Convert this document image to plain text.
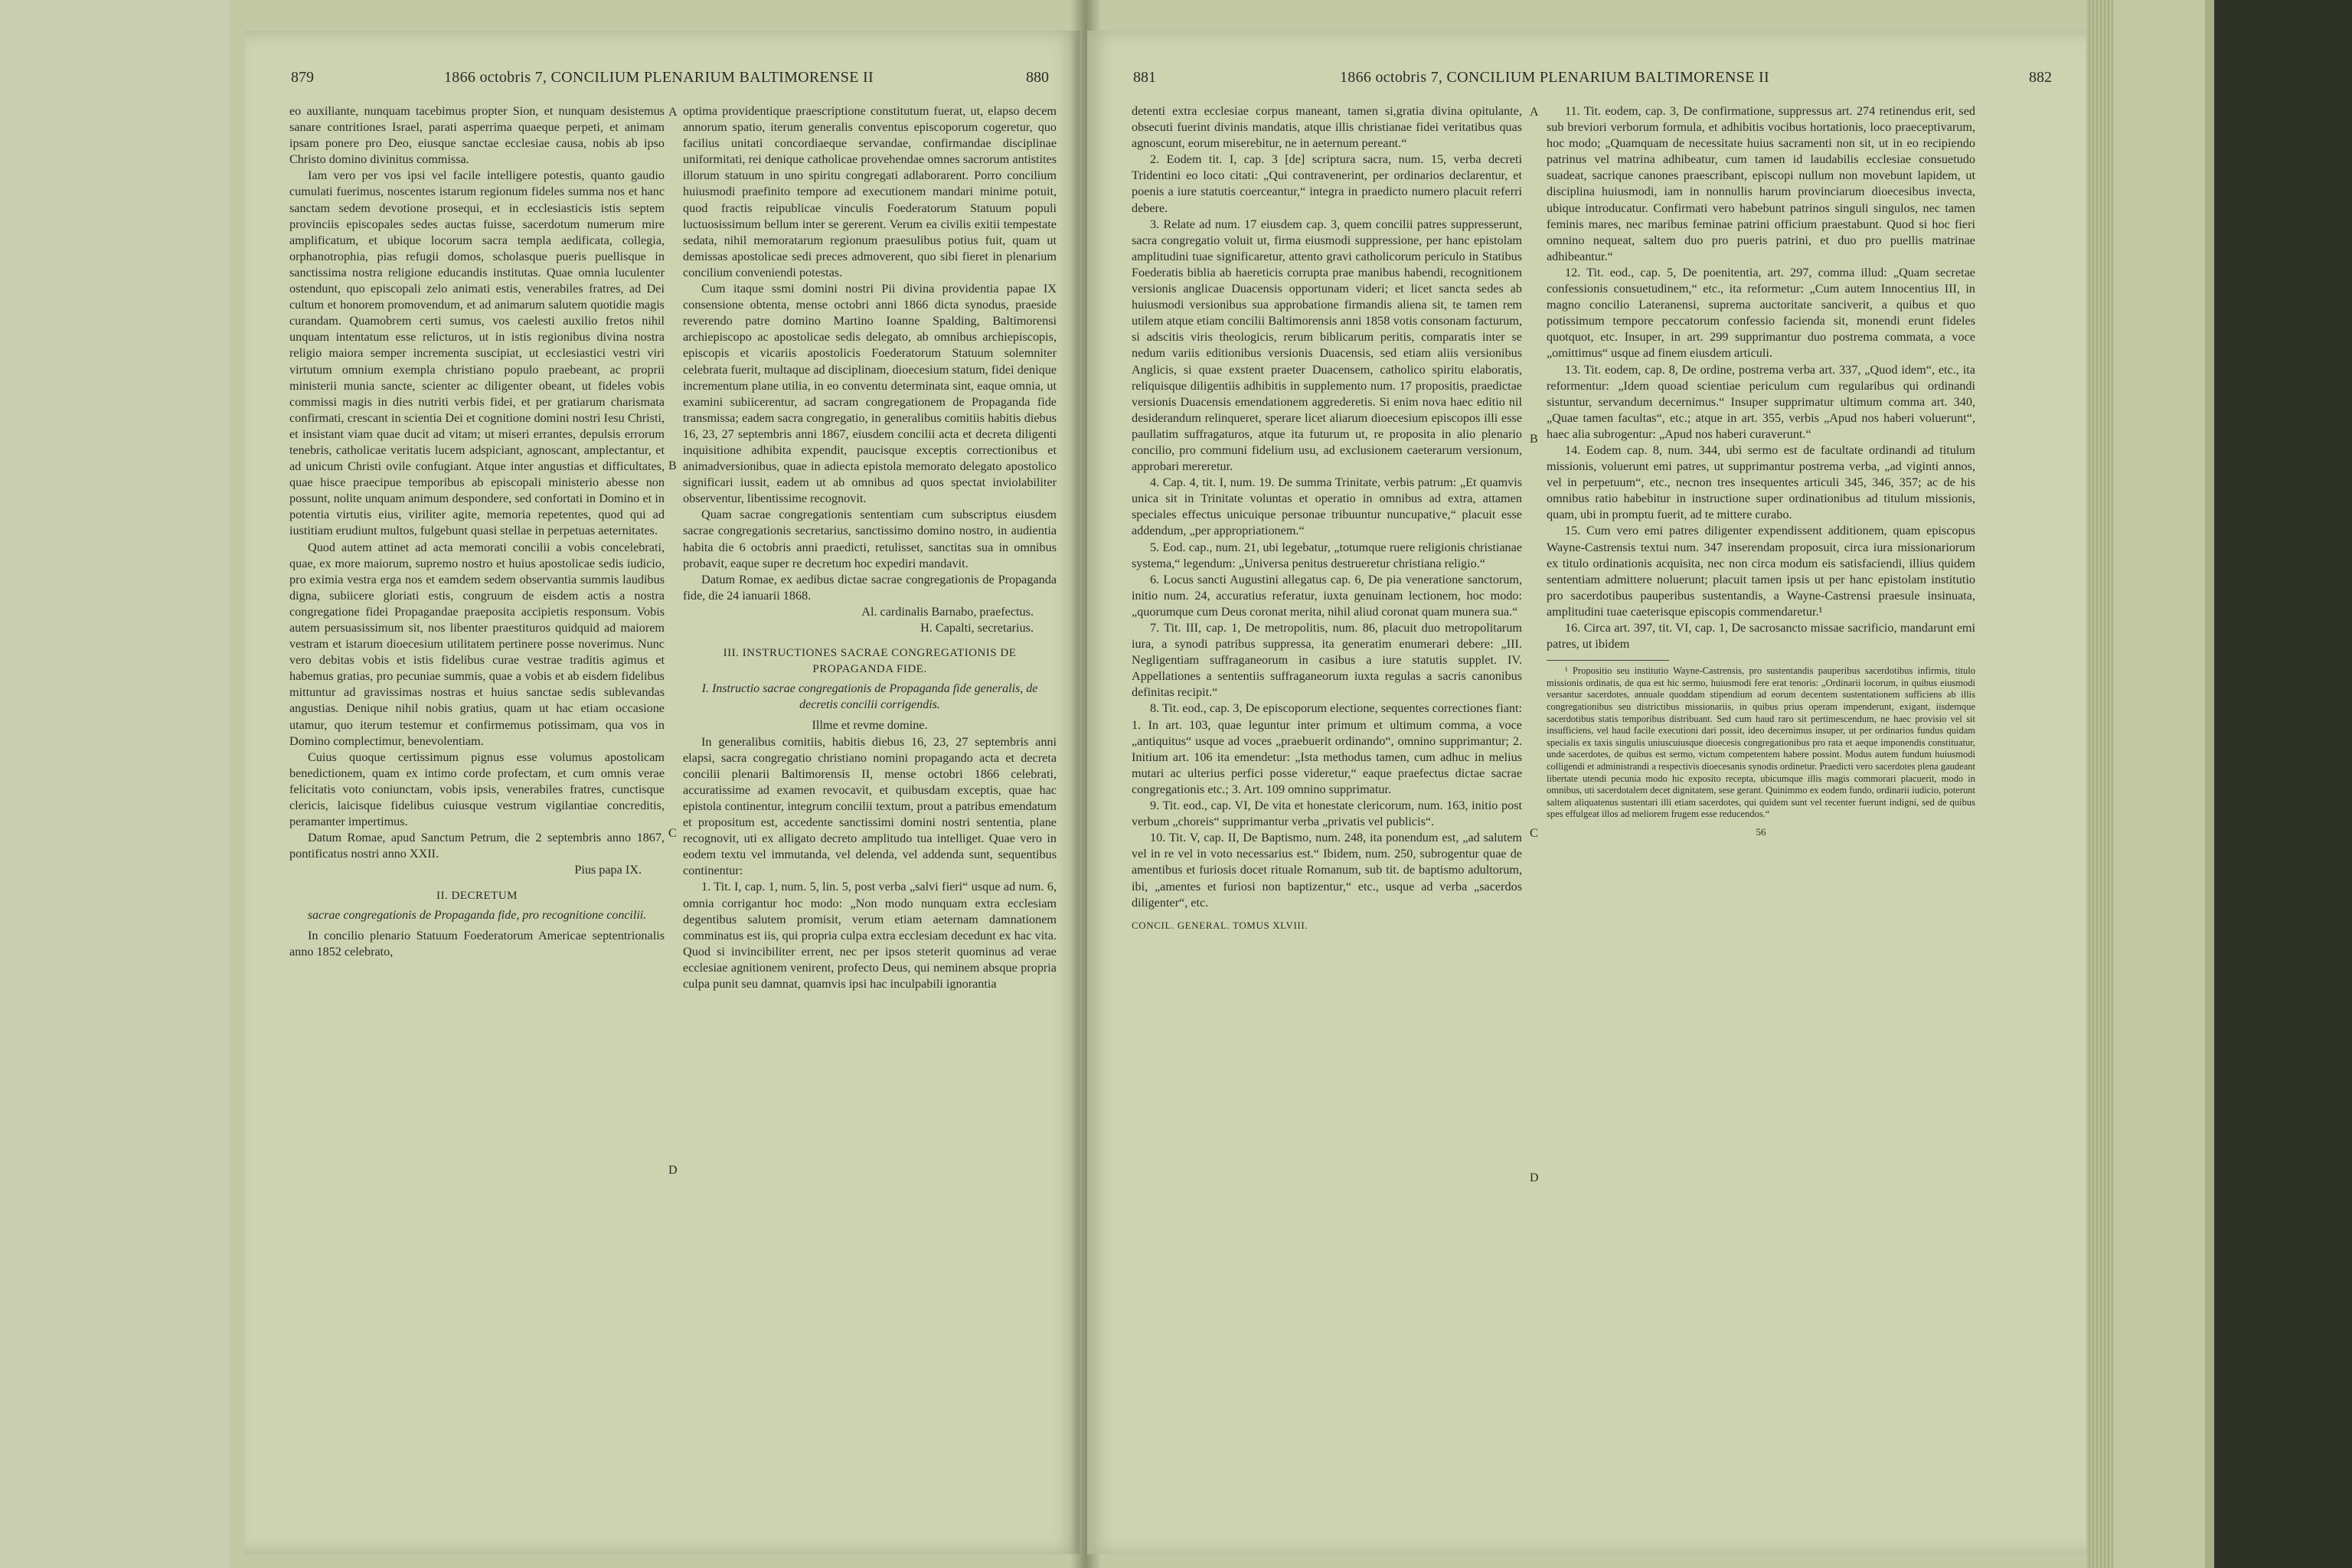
879	1866 octobris 7, CONCILIUM PLENARIUM BALTIMORENSE II	880

eo auxiliante, nunquam tacebimus propter Sion, et nunquam desistemus sanare contritiones Israel, parati asperrima quaeque perpeti, et animam ipsam ponere pro Deo, eiusque sanctae ecclesiae causa, nobis ab ipso Christo domino divinitus commissa.

Iam vero per vos ipsi vel facile intelligere potestis, quanto gaudio cumulati fuerimus, noscentes istarum regionum fideles summa nos et hanc sanctam sedem devotione prosequi, et in ecclesiasticis istis septem provinciis episcopales sedes auctas fuisse, sacerdotum numerum mire amplificatum, et ubique locorum sacra templa aedificata, collegia, orphanotrophia, pias refugii domos, scholasque pueris puellisque in sanctissima nostra religione educandis institutas. Quae omnia luculenter ostendunt, quo episcopali zelo animati estis, venerabiles fratres, ad Dei cultum et honorem promovendum, et ad animarum salutem quotidie magis curandam. Quamobrem certi sumus, vos caelesti auxilio fretos nihil unquam intentatum esse relicturos, ut in istis regionibus divina nostra religio maiora semper incrementa suscipiat, ut ecclesiastici vestri viri virtutum omnium exempla christiano populo praebeant, ac proprii ministerii munia sancte, scienter ac diligenter obeant, ut fideles vobis commissi magis in dies nutriti verbis fidei, et per gratiarum charismata confirmati, crescant in scientia Dei et cognitione domini nostri Iesu Christi, et insistant viam quae ducit ad vitam; ut miseri errantes, depulsis errorum tenebris, catholicae veritatis lucem adspiciant, agnoscant, amplectantur, et ad unicum Christi ovile confugiant. Atque inter angustias et difficultates, quae hisce praecipue temporibus ab episcopali ministerio abesse non possunt, nolite unquam animum despondere, sed confortati in Domino et in potentia virtutis eius, viriliter agite, memoria repetentes, quod qui ad iustitiam erudiunt multos, fulgebunt quasi stellae in perpetuas aeternitates.

Quod autem attinet ad acta memorati concilii a vobis concelebrati, quae, ex more maiorum, supremo nostro et huius apostolicae sedis iudicio, pro eximia vestra erga nos et eamdem sedem observantia summis laudibus digna, subiicere gloriati estis, congruum de eisdem actis a nostra congregatione fidei Propagandae praeposita accipietis responsum. Vobis autem persuasissimum sit, nos libenter praestituros quidquid ad maiorem vestram et istarum dioecesium utilitatem pertinere posse noverimus. Nunc vero debitas vobis et istis fidelibus curae vestrae traditis agimus et habemus gratias, pro pecuniae summis, quae a vobis et ab eisdem fidelibus mittuntur ad gravissimas nostras et huius sanctae sedis sublevandas angustias. Denique nihil nobis gratius, quam ut hac etiam occasione utamur, quo iterum testemur et confirmemus potissimam, qua vos in Domino complectimur, benevolentiam.

Cuius quoque certissimum pignus esse volumus apostolicam benedictionem, quam ex intimo corde profectam, et cum omnis verae felicitatis voto coniunctam, vobis ipsis, venerabiles fratres, cunctisque clericis, laicisque fidelibus cuiusque vestrum vigilantiae concreditis, peramanter impertimus.

Datum Romae, apud Sanctum Petrum, die 2 septembris anno 1867, pontificatus nostri anno XXII.

Pius papa IX.

II. DECRETUM
sacrae congregationis de Propaganda fide, pro recognitione concilii.

In concilio plenario Statuum Foederatorum Americae septentrionalis anno 1852 celebrato,

optima providentique praescriptione constitutum fuerat, ut, elapso decem annorum spatio, iterum generalis conventus episcoporum cogeretur, quo facilius unitati concordiaeque servandae, confirmandae disciplinae uniformitati, rei denique catholicae provehendae omnes sacrorum antistites illorum statuum in uno spiritu congregati adlaborarent. Porro concilium huiusmodi praefinito tempore ad executionem mandari minime potuit, quod fractis reipublicae vinculis Foederatorum Statuum populi luctuosissimum bellum inter se gererent. Verum ea civilis exitii tempestate sedata, nihil memoratarum regionum praesulibus potius fuit, quam ut demissas apostolicae sedi preces admoverent, quo sibi fieret in plenarium concilium conveniendi potestas.

Cum itaque ssmi domini nostri Pii divina providentia papae IX consensione obtenta, mense octobri anni 1866 dicta synodus, praeside reverendo patre domino Martino Ioanne Spalding, Baltimorensi archiepiscopo ac apostolicae sedis delegato, ab omnibus archiepiscopis, episcopis et vicariis apostolicis Foederatorum Statuum solemniter celebrata fuerit, multaque ad disciplinam, dioecesium statum, fidei denique incrementum plane utilia, in eo conventu determinata sint, eaque omnia, ut examini subiicerentur, ad sacram congregationem de Propaganda fide transmissa; eadem sacra congregatio, in generalibus comitiis habitis diebus 16, 23, 27 septembris anni 1867, eiusdem concilii acta et decreta diligenti inquisitione adhibita expendit, paucisque exceptis correctionibus et animadversionibus, quae in adiecta epistola memorato delegato apostolico significari iussit, eadem ut ab omnibus ad quos spectat inviolabiliter observentur, libentissime recognovit.

Quam sacrae congregationis sententiam cum subscriptus eiusdem sacrae congregationis secretarius, sanctissimo domino nostro, in audientia habita die 6 octobris anni praedicti, retulisset, sanctitas sua in omnibus probavit, eaque super re decretum hoc expediri mandavit.

Datum Romae, ex aedibus dictae sacrae congregationis de Propaganda fide, die 24 ianuarii 1868.

Al. cardinalis Barnabo, praefectus.

H. Capalti, secretarius.

III. INSTRUCTIONES SACRAE CONGREGATIONIS DE PROPAGANDA FIDE.
I. Instructio sacrae congregationis de Propaganda fide generalis, de decretis concilii corrigendis.

Illme et revme domine.

In generalibus comitiis, habitis diebus 16, 23, 27 septembris anni elapsi, sacra congregatio christiano nomini propagando acta et decreta concilii plenarii Baltimorensis II, mense octobri 1866 celebrati, accuratissime ad examen revocavit, et quibusdam exceptis, quae hac epistola continentur, integrum concilii textum, prout a patribus emendatum et propositum est, accedente sanctissimi domini nostri sententia, plane recognovit, uti ex alligato decreto amplitudo tua intelliget. Quae vero in eodem textu vel immutanda, vel delenda, vel addenda sunt, sequentibus continentur:

1. Tit. I, cap. 1, num. 5, lin. 5, post verba „salvi fieri“ usque ad num. 6, omnia corrigantur hoc modo: „Non modo nunquam extra ecclesiam degentibus salutem promisit, verum etiam aeternam damnationem comminatus est iis, qui propria culpa extra ecclesiam decedunt ex hac vita. Quod si invincibiliter errent, nec per ipsos steterit quominus ad verae ecclesiae agnitionem venirent, profecto Deus, qui neminem absque propria culpa punit seu damnat, quamvis ipsi hac inculpabili ignorantia

A
B
C
D
881	1866 octobris 7, CONCILIUM PLENARIUM BALTIMORENSE II	882

detenti extra ecclesiae corpus maneant, tamen si,gratia divina opitulante, obsecuti fuerint divinis mandatis, atque illis christianae fidei veritatibus quas agnoscunt, eorum miserebitur, ne in aeternum pereant.“

2. Eodem tit. I, cap. 3 [de] scriptura sacra, num. 15, verba decreti Tridentini eo loco citati: „Qui contravenerint, per ordinarios declarentur, et poenis a iure statutis coerceantur,“ integra in praedicto numero placuit referri debere.

3. Relate ad num. 17 eiusdem cap. 3, quem concilii patres suppresserunt, sacra congregatio voluit ut, firma eiusmodi suppressione, per hanc epistolam amplitudini tuae significaretur, attento gravi catholicorum periculo in Statibus Foederatis biblia ab haereticis corrupta prae manibus habendi, recognitionem versionis anglicae Duacensis opportunam videri; et licet sancta sedes ab huiusmodi versionibus sua approbatione firmandis aliena sit, te tamen rem utilem atque etiam concilii Baltimorensis anni 1858 votis consonam facturum, si adscitis viris theologicis, rerum biblicarum peritis, comparatis inter se nedum variis editionibus versionis Duacensis, sed etiam aliis versionibus Anglicis, si quae exstent praeter Duacensem, catholico spiritu elaboratis, reliquisque diligentiis adhibitis in supplemento num. 17 propositis, praedictae versionis Duacensis emendationem aggrederetis. Si enim nova haec editio nil desiderandum relinqueret, sperare licet aliarum dioecesium episcopos illi esse paullatim suffragaturos, atque ita futurum ut, re proposita in alio plenario concilio, pro communi fidelium usu, ad exclusionem caeterarum versionum, approbari mereretur.

4. Cap. 4, tit. I, num. 19. De summa Trinitate, verbis patrum: „Et quamvis unica sit in Trinitate voluntas et operatio in omnibus ad extra, attamen speciales effectus unicuique personae tribuuntur nuncupative,“ placuit esse addendum, „per appropriationem.“

5. Eod. cap., num. 21, ubi legebatur, „totumque ruere religionis christianae systema,“ legendum: „Universa penitus destrueretur christiana religio.“

6. Locus sancti Augustini allegatus cap. 6, De pia veneratione sanctorum, initio num. 24, accuratius referatur, iuxta genuinam lectionem, hoc modo: „quorumque cum Deus coronat merita, nihil aliud coronat quam munera sua.“

7. Tit. III, cap. 1, De metropolitis, num. 86, placuit duo metropolitarum iura, a synodi patribus suppressa, ita generatim enumerari debere: „III. Negligentiam suffraganeorum in casibus a iure statutis supplet. IV. Appellationes a sententiis suffraganeorum iuxta regulas a sacris canonibus definitas recipit.“

8. Tit. eod., cap. 3, De episcoporum electione, sequentes correctiones fiant: 1. In art. 103, quae leguntur inter primum et ultimum comma, a voce „antiquitus“ usque ad voces „praebuerit ordinando“, omnino supprimantur; 2. Initium art. 106 ita emendetur: „Ista methodus tamen, cum adhuc in melius mutari ac ulterius perfici posse videretur,“ eaque praefectus dictae sacrae congregationis etc.; 3. Art. 109 omnino supprimatur.

9. Tit. eod., cap. VI, De vita et honestate clericorum, num. 163, initio post verbum „choreis“ supprimantur verba „privatis vel publicis“.

10. Tit. V, cap. II, De Baptismo, num. 248, ita ponendum est, „ad salutem vel in re vel in voto necessarius est.“ Ibidem, num. 250, subrogentur quae de amentibus et furiosis docet rituale Romanum, sub tit. de baptismo adultorum, ibi, „amentes et furiosi non baptizentur,“ etc., usque ad verba „sacerdos diligenter“, etc.

CONCIL. GENERAL. TOMUS XLVIII.

11. Tit. eodem, cap. 3, De confirmatione, suppressus art. 274 retinendus erit, sed sub breviori verborum formula, et adhibitis vocibus hortationis, loco praeceptivarum, hoc modo; „Quamquam de necessitate huius sacramenti non sit, ut in eo recipiendo patrinus vel matrina adhibeatur, cum tamen id laudabilis ecclesiae consuetudo suadeat, sacrique canones praescribant, episcopi nullum non movebunt lapidem, ut disciplina huiusmodi, iam in nonnullis harum provinciarum dioecesibus invecta, ubique introducatur. Confirmati vero habebunt patrinos singuli singulos, nec tamen feminis mares, nec maribus feminae patrini officium praestabunt. Quod si hoc fieri omnino nequeat, saltem duo pro pueris patrini, et duo pro puellis matrinae adhibeantur.“

12. Tit. eod., cap. 5, De poenitentia, art. 297, comma illud: „Quam secretae confessionis consuetudinem,“ etc., ita reformetur: „Cum autem Innocentius III, in magno concilio Lateranensi, suprema auctoritate sanciverit, a quibus et quo potissimum tempore peccatorum confessio facienda sit, monendi erunt fideles quotquot, etc. Insuper, in art. 299 supprimantur duo postrema commata, a voce „omittimus“ usque ad finem eiusdem articuli.

13. Tit. eodem, cap. 8, De ordine, postrema verba art. 337, „Quod idem“, etc., ita reformentur: „Idem quoad scientiae periculum cum regularibus qui ordinandi sistuntur, servandum decernimus.“ Insuper supprimatur ultimum comma art. 340, „Quae tamen facultas“, etc.; atque in art. 355, verbis „Apud nos haberi voluerunt“, haec alia subrogentur: „Apud nos haberi curaverunt.“

14. Eodem cap. 8, num. 344, ubi sermo est de facultate ordinandi ad titulum missionis, voluerunt emi patres, ut supprimantur postrema verba, „ad viginti annos, vel in perpetuum“, etc., necnon tres insequentes articuli 345, 346, 357; ac de his omnibus ratio habebitur in instructione super ordinationibus ad titulum missionis, quam, ubi in promptu fuerit, ad te mittere curabo.

15. Cum vero emi patres diligenter expendissent additionem, quam episcopus Wayne-Castrensis textui num. 347 inserendam proposuit, circa iura missionariorum ex titulo ordinationis acquisita, nec non circa modum eis satisfaciendi, illius quidem sententiam admittere noluerunt; placuit tamen ipsis ut per hanc epistolam institutio pro sacerdotibus pauperibus sustentandis, a Wayne-Castrensi praesule insinuata, amplitudini tuae caeterisque episcopis commendaretur.¹

16. Circa art. 397, tit. VI, cap. 1, De sacrosancto missae sacrificio, mandarunt emi patres, ut ibidem

¹ Propositio seu institutio Wayne-Castrensis, pro sustentandis pauperibus sacerdotibus infirmis, titulo missionis ordinatis, de qua est hic sermo, huiusmodi fere erat tenoris: „Ordinarii locorum, in quibus eiusmodi versantur sacerdotes, annuale quoddam stipendium ad eorum decentem sustentationem sufficiens ab illis congregationibus seu districtibus missionariis, in quibus prius operam impenderunt, exigant, iisdemque sacerdotibus statis temporibus distribuant. Sed cum haud raro sit pertimescendum, ne haec provisio vel sit insufficiens, vel haud facile executioni dari possit, ideo decernimus insuper, ut per ordinarios fundus quidam specialis ex taxis singulis uniuscuiusque dioecesis congregationibus pro rata et aeque imponendis constituatur, unde sacerdotes, de quibus est sermo, victum competentem habere possint. Modus autem fundum huiusmodi colligendi et administrandi a respectivis dioecesanis synodis ordinetur. Praedicti vero sacerdotes plena gaudeant libertate utendi pecunia modo hic exposito recepta, ubicumque illis magis commorari placuerit, modo in omnibus, uti sacerdotalem decet dignitatem, sese gerant. Quinimmo ex eodem fundo, ordinarii iudicio, poterunt saltem aliquatenus sustentari illi etiam sacerdotes, qui quidem sunt vel recenter fuerunt indigni, sed de quibus spes effulgeat illos ad meliorem frugem esse reducendos.“

56

A
B
C
D
